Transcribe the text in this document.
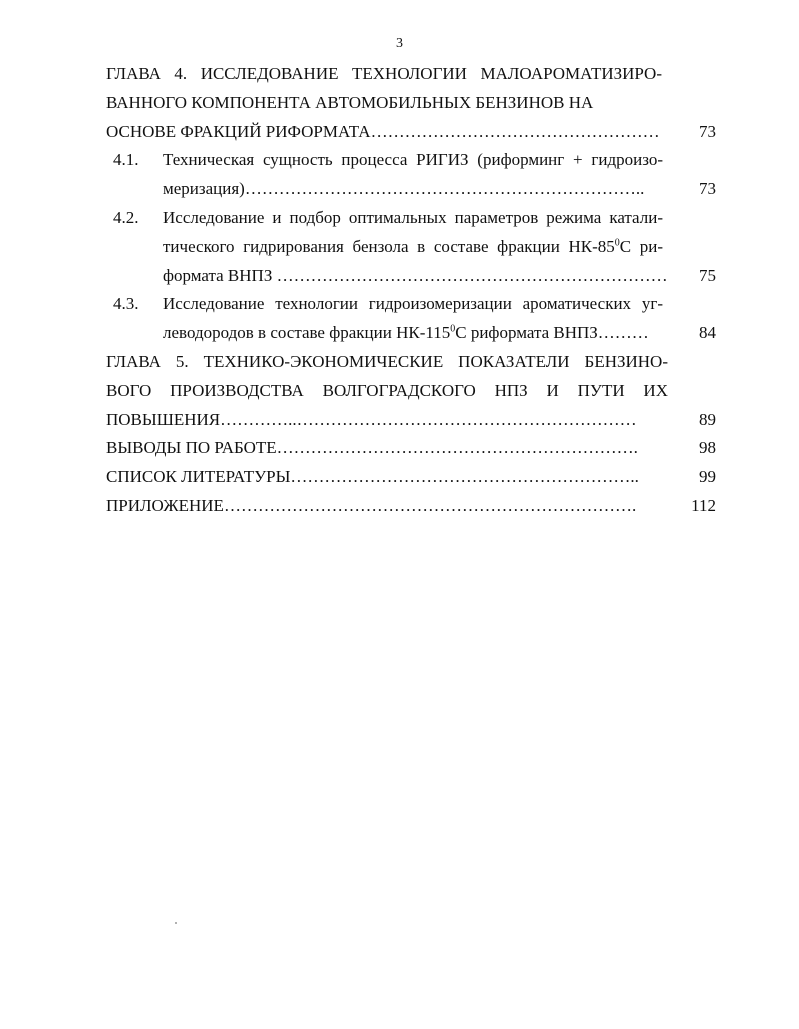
3
ГЛАВА 4. ИССЛЕДОВАНИЕ ТЕХНОЛОГИИ МАЛОАРОМАТИЗИРО-
ВАННОГО КОМПОНЕНТА АВТОМОБИЛЬНЫХ БЕНЗИНОВ НА
ОСНОВЕ ФРАКЦИЙ РИФОРМАТА……………………………………………	73
4.1. Техническая сущность процесса РИГИЗ (риформинг + гидроизо-
меризация)……………………………………………………………..	73
4.2. Исследование и подбор оптимальных параметров режима катали-
тического гидрирования бензола в составе фракции $НК-85^0С$ ри-
формата ВНПЗ ……………………………………………………………	75
4.3. Исследование технологии гидроизомеризации ароматических уг-
леводородов в составе фракции $НК-115^0С$ риформата ВНПЗ………	84
ГЛАВА 5. ТЕХНИКО-ЭКОНОМИЧЕСКИЕ ПОКАЗАТЕЛИ БЕНЗИНО-
ВОГО ПРОИЗВОДСТВА ВОЛГОГРАДСКОГО НПЗ И ПУТИ ИХ
ПОВЫШЕНИЯ…………..……………………………………………………	89
ВЫВОДЫ ПО РАБОТЕ……………………………………………………….	98
СПИСОК ЛИТЕРАТУРЫ……………………………………………………..	99
ПРИЛОЖЕНИЕ……………………………………………………………….	112
